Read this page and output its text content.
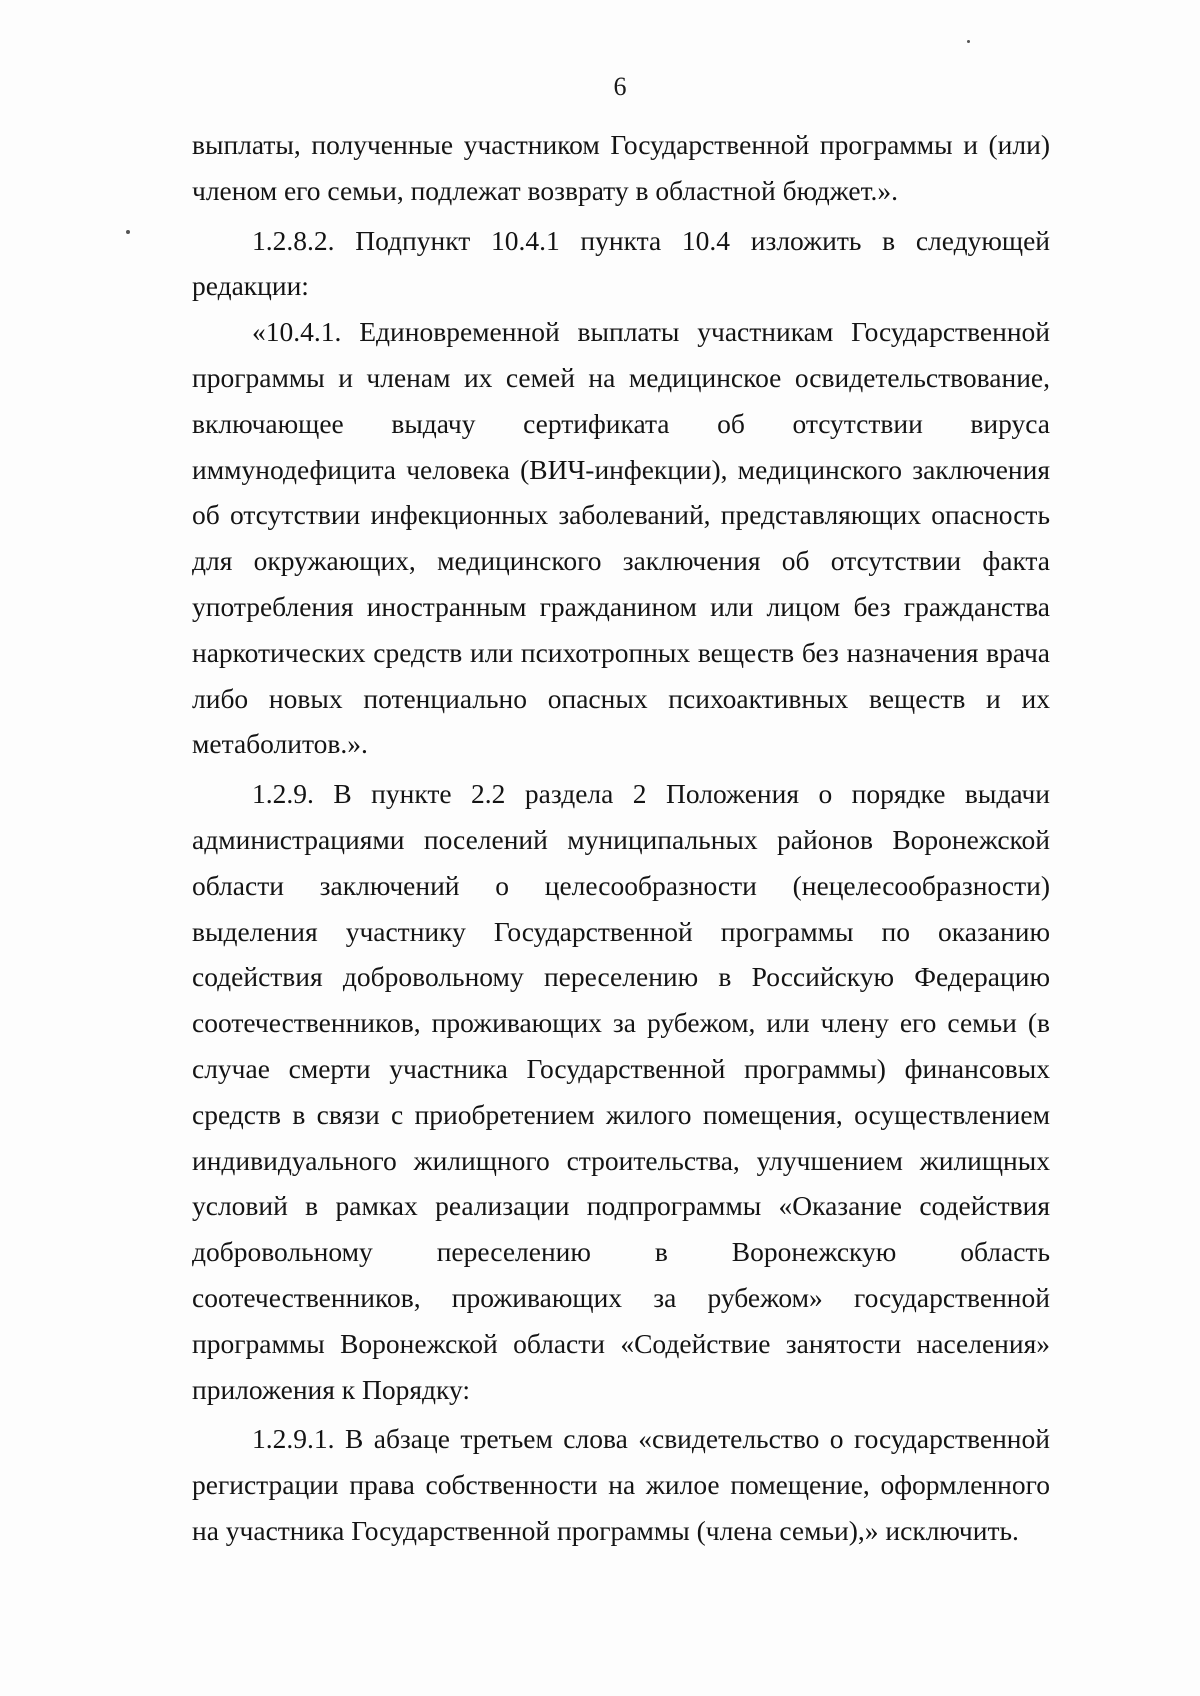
6

выплаты, полученные участником Государственной программы и (или) членом его семьи, подлежат возврату в областной бюджет.».

1.2.8.2. Подпункт 10.4.1 пункта 10.4 изложить в следующей редакции:

«10.4.1. Единовременной выплаты участникам Государственной программы и членам их семей на медицинское освидетельствование, включающее выдачу сертификата об отсутствии вируса иммунодефицита человека (ВИЧ-инфекции), медицинского заключения об отсутствии инфекционных заболеваний, представляющих опасность для окружающих, медицинского заключения об отсутствии факта употребления иностранным гражданином или лицом без гражданства наркотических средств или психотропных веществ без назначения врача либо новых потенциально опасных психоактивных веществ и их метаболитов.».

1.2.9. В пункте 2.2 раздела 2 Положения о порядке выдачи администрациями поселений муниципальных районов Воронежской области заключений о целесообразности (нецелесообразности) выделения участнику Государственной программы по оказанию содействия добровольному переселению в Российскую Федерацию соотечественников, проживающих за рубежом, или члену его семьи (в случае смерти участника Государственной программы) финансовых средств в связи с приобретением жилого помещения, осуществлением индивидуального жилищного строительства, улучшением жилищных условий в рамках реализации подпрограммы «Оказание содействия добровольному переселению в Воронежскую область соотечественников, проживающих за рубежом» государственной программы Воронежской области «Содействие занятости населения» приложения к Порядку:

1.2.9.1. В абзаце третьем слова «свидетельство о государственной регистрации права собственности на жилое помещение, оформленного на участника Государственной программы (члена семьи),» исключить.
